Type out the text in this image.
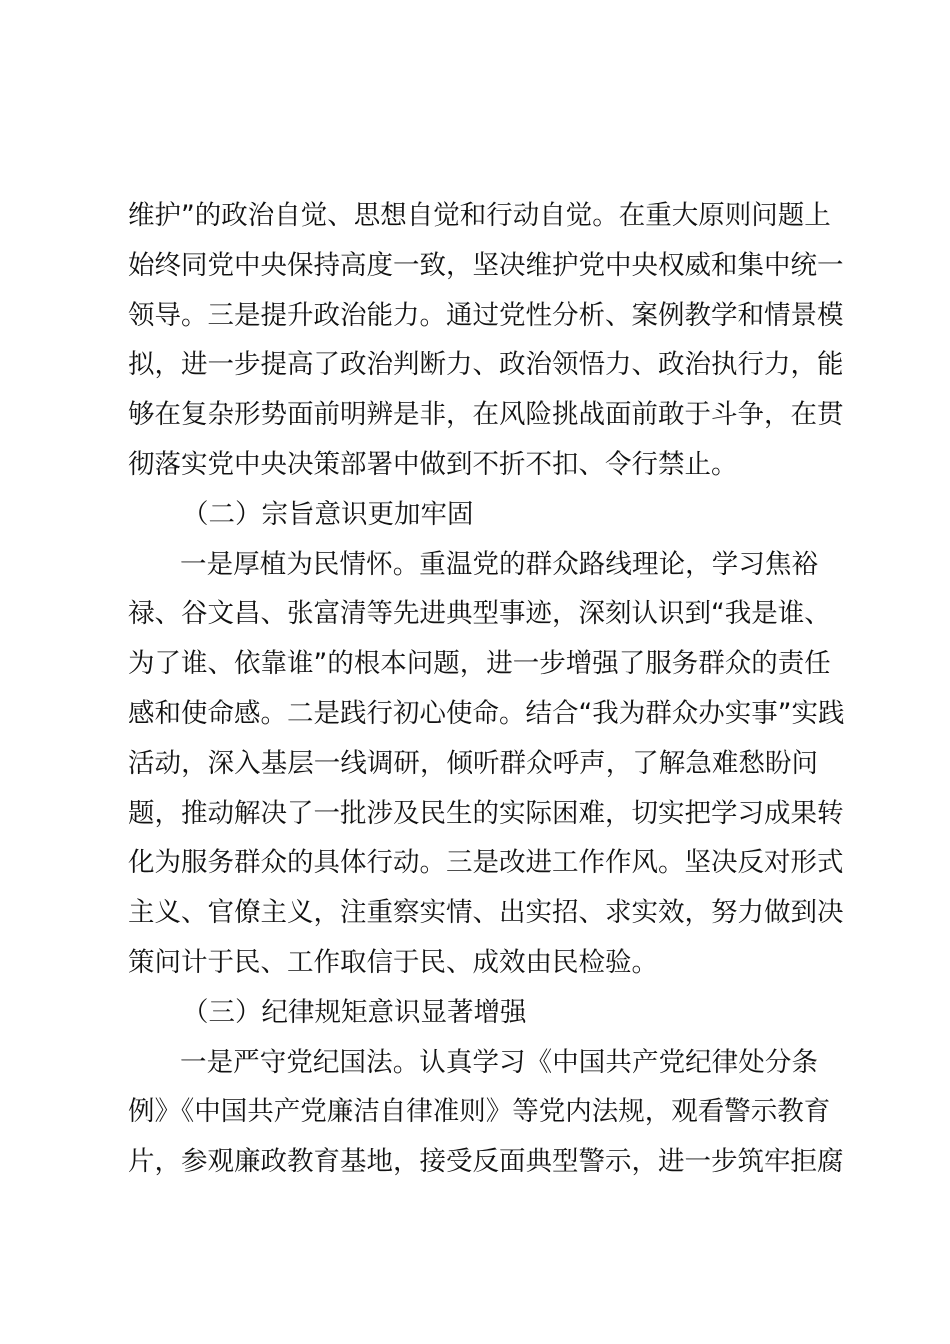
维护”的政治自觉、思想自觉和行动自觉。在重大原则问题上
始终同党中央保持高度一致，坚决维护党中央权威和集中统一
领导。三是提升政治能力。通过党性分析、案例教学和情景模
拟，进一步提高了政治判断力、政治领悟力、政治执行力，能
够在复杂形势面前明辨是非，在风险挑战面前敢于斗争，在贯
彻落实党中央决策部署中做到不折不扣、令行禁止。
（二）宗旨意识更加牢固
一是厚植为民情怀。重温党的群众路线理论，学习焦裕
禄、谷文昌、张富清等先进典型事迹，深刻认识到“我是谁、
为了谁、依靠谁”的根本问题，进一步增强了服务群众的责任
感和使命感。二是践行初心使命。结合“我为群众办实事”实践
活动，深入基层一线调研，倾听群众呼声，了解急难愁盼问
题，推动解决了一批涉及民生的实际困难，切实把学习成果转
化为服务群众的具体行动。三是改进工作作风。坚决反对形式
主义、官僚主义，注重察实情、出实招、求实效，努力做到决
策问计于民、工作取信于民、成效由民检验。
（三）纪律规矩意识显著增强
一是严守党纪国法。认真学习《中国共产党纪律处分条
例》《中国共产党廉洁自律准则》等党内法规，观看警示教育
片，参观廉政教育基地，接受反面典型警示，进一步筑牢拒腐
